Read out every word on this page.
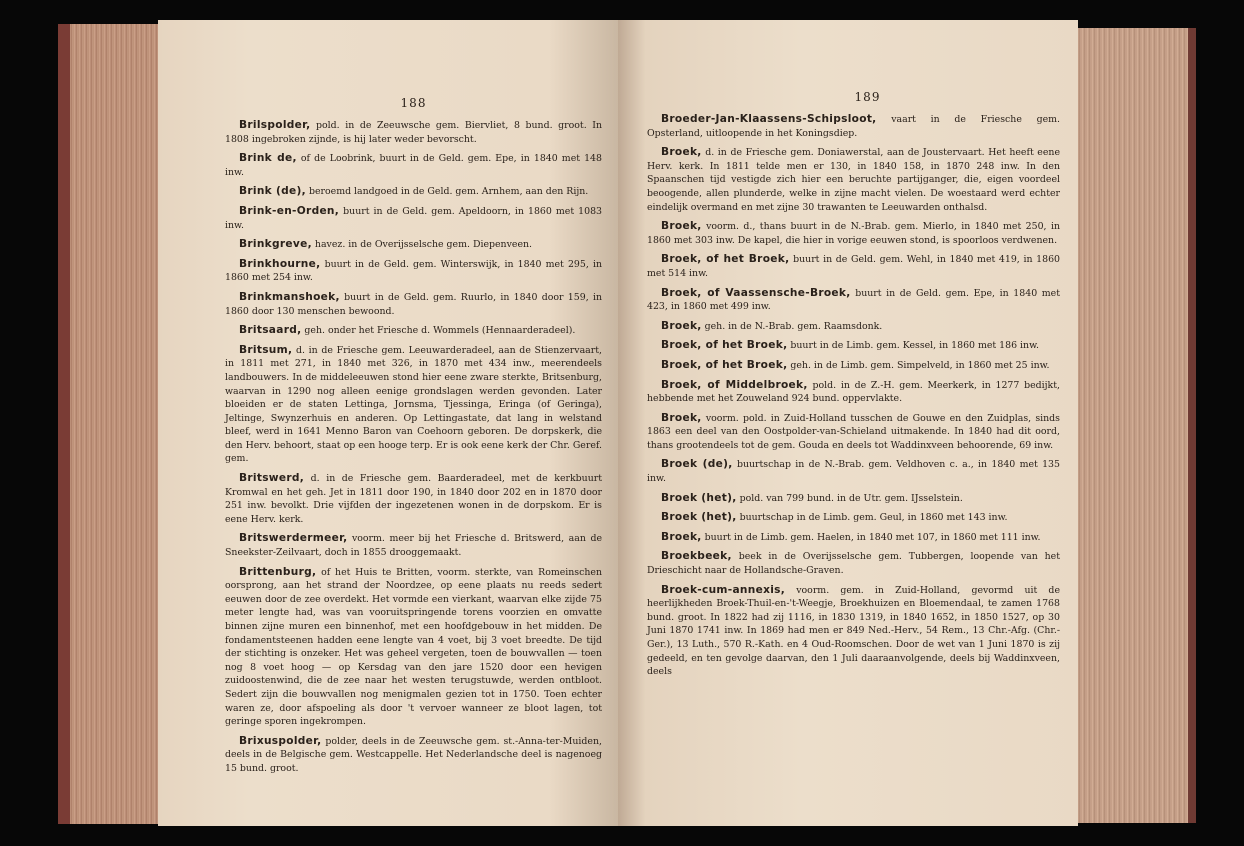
188

Brilspolder, pold. in de Zeeuwsche gem. Biervliet, 8 bund. groot. In 1808 ingebroken zijnde, is hij later weder bevorscht.

Brink de, of de Loobrink, buurt in de Geld. gem. Epe, in 1840 met 148 inw.

Brink (de), beroemd landgoed in de Geld. gem. Arnhem, aan den Rijn.

Brink-en-Orden, buurt in de Geld. gem. Apeldoorn, in 1860 met 1083 inw.

Brinkgreve, havez. in de Overijsselsche gem. Diepenveen.

Brinkhourne, buurt in de Geld. gem. Winterswijk, in 1840 met 295, in 1860 met 254 inw.

Brinkmanshoek, buurt in de Geld. gem. Ruurlo, in 1840 door 159, in 1860 door 130 menschen bewoond.

Britsaard, geh. onder het Friesche d. Wommels (Hennaarderadeel).

Britsum, d. in de Friesche gem. Leeuwarderadeel, aan de Stienzervaart, in 1811 met 271, in 1840 met 326, in 1870 met 434 inw., meerendeels landbouwers. In de middeleeuwen stond hier eene zware sterkte, Britsenburg, waarvan in 1290 nog alleen eenige grondslagen werden gevonden. Later bloeiden er de staten Lettinga, Jornsma, Tjessinga, Eringa (of Geringa), Jeltinge, Swynzerhuis en anderen. Op Lettingastate, dat lang in welstand bleef, werd in 1641 Menno Baron van Coehoorn geboren. De dorpskerk, die den Herv. behoort, staat op een hooge terp. Er is ook eene kerk der Chr. Geref. gem.

Britswerd, d. in de Friesche gem. Baarderadeel, met de kerkbuurt Kromwal en het geh. Jet in 1811 door 190, in 1840 door 202 en in 1870 door 251 inw. bevolkt. Drie vijfden der ingezetenen wonen in de dorpskom. Er is eene Herv. kerk.

Britswerdermeer, voorm. meer bij het Friesche d. Britswerd, aan de Sneekster-Zeilvaart, doch in 1855 drooggemaakt.

Brittenburg, of het Huis te Britten, voorm. sterkte, van Romeinschen oorsprong, aan het strand der Noordzee, op eene plaats nu reeds sedert eeuwen door de zee overdekt. Het vormde een vierkant, waarvan elke zijde 75 meter lengte had, was van vooruitspringende torens voorzien en omvatte binnen zijne muren een binnenhof, met een hoofdgebouw in het midden. De fondamentsteenen hadden eene lengte van 4 voet, bij 3 voet breedte. De tijd der stichting is onzeker. Het was geheel vergeten, toen de bouwvallen — toen nog 8 voet hoog — op Kersdag van den jare 1520 door een hevigen zuidoostenwind, die de zee naar het westen terugstuwde, werden ontbloot. Sedert zijn die bouwvallen nog menigmalen gezien tot in 1750. Toen echter waren ze, door afspoeling als door 't vervoer wanneer ze bloot lagen, tot geringe sporen ingekrompen.

Brixuspolder, polder, deels in de Zeeuwsche gem. st.-Anna-ter-Muiden, deels in de Belgische gem. Westcappelle. Het Nederlandsche deel is nagenoeg 15 bund. groot.

189

Broeder-Jan-Klaassens-Schipsloot, vaart in de Friesche gem. Opsterland, uitloopende in het Koningsdiep.

Broek, d. in de Friesche gem. Doniawerstal, aan de Joustervaart. Het heeft eene Herv. kerk. In 1811 telde men er 130, in 1840 158, in 1870 248 inw. In den Spaanschen tijd vestigde zich hier een beruchte partijganger, die, eigen voordeel beoogende, allen plunderde, welke in zijne macht vielen. De woestaard werd echter eindelijk overmand en met zijne 30 trawanten te Leeuwarden onthalsd.

Broek, voorm. d., thans buurt in de N.-Brab. gem. Mierlo, in 1840 met 250, in 1860 met 303 inw. De kapel, die hier in vorige eeuwen stond, is spoorloos verdwenen.

Broek, of het Broek, buurt in de Geld. gem. Wehl, in 1840 met 419, in 1860 met 514 inw.

Broek, of Vaassensche-Broek, buurt in de Geld. gem. Epe, in 1840 met 423, in 1860 met 499 inw.

Broek, geh. in de N.-Brab. gem. Raamsdonk.

Broek, of het Broek, buurt in de Limb. gem. Kessel, in 1860 met 186 inw.

Broek, of het Broek, geh. in de Limb. gem. Simpelveld, in 1860 met 25 inw.

Broek, of Middelbroek, pold. in de Z.-H. gem. Meerkerk, in 1277 bedijkt, hebbende met het Zouweland 924 bund. oppervlakte.

Broek, voorm. pold. in Zuid-Holland tusschen de Gouwe en den Zuidplas, sinds 1863 een deel van den Oostpolder-van-Schieland uitmakende. In 1840 had dit oord, thans grootendeels tot de gem. Gouda en deels tot Waddinxveen behoorende, 69 inw.

Broek (de), buurtschap in de N.-Brab. gem. Veldhoven c. a., in 1840 met 135 inw.

Broek (het), pold. van 799 bund. in de Utr. gem. IJsselstein.

Broek (het), buurtschap in de Limb. gem. Geul, in 1860 met 143 inw.

Broek, buurt in de Limb. gem. Haelen, in 1840 met 107, in 1860 met 111 inw.

Broekbeek, beek in de Overijsselsche gem. Tubbergen, loopende van het Drieschicht naar de Hollandsche-Graven.

Broek-cum-annexis, voorm. gem. in Zuid-Holland, gevormd uit de heerlijkheden Broek-Thuil-en-'t-Weegje, Broekhuizen en Bloemendaal, te zamen 1768 bund. groot. In 1822 had zij 1116, in 1830 1319, in 1840 1652, in 1850 1527, op 30 Juni 1870 1741 inw. In 1869 had men er 849 Ned.-Herv., 54 Rem., 13 Chr.-Afg. (Chr.-Ger.), 13 Luth., 570 R.-Kath. en 4 Oud-Roomschen. Door de wet van 1 Juni 1870 is zij gedeeld, en ten gevolge daarvan, den 1 Juli daaraanvolgende, deels bij Waddinxveen, deels
